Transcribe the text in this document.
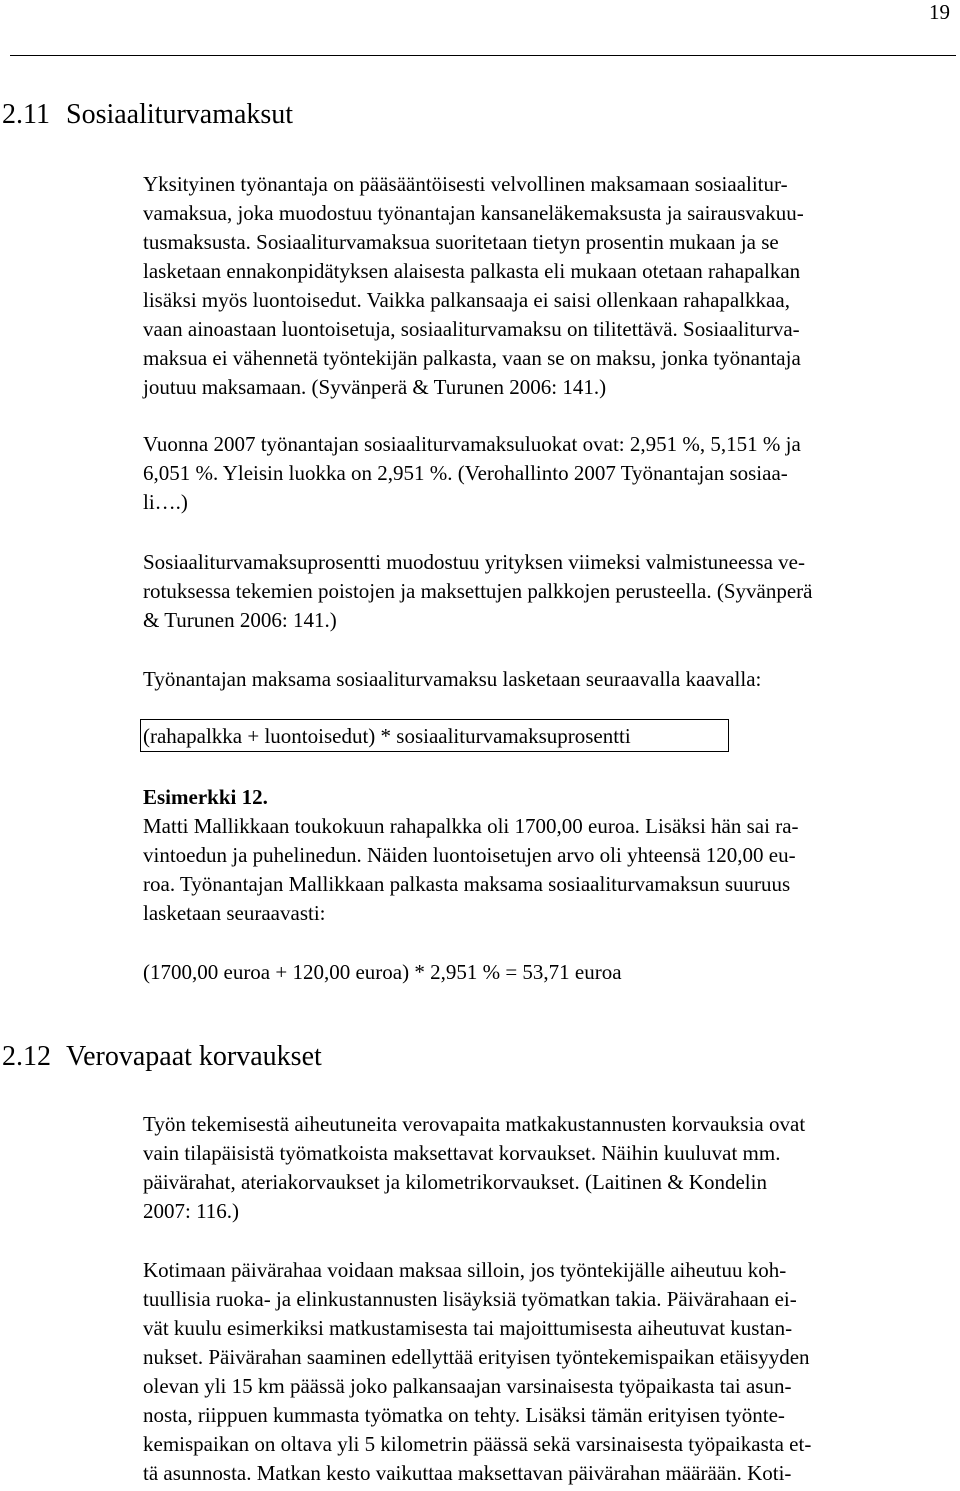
19
2.11 Sosiaaliturvamaksut
Yksityinen työnantaja on pääsääntöisesti velvollinen maksamaan sosiaalitur-
vamaksua, joka muodostuu työnantajan kansaneläkemaksusta ja sairausvakuu-
tusmaksusta. Sosiaaliturvamaksua suoritetaan tietyn prosentin mukaan ja se
lasketaan ennakonpidätyksen alaisesta palkasta eli mukaan otetaan rahapalkan
lisäksi myös luontoisedut. Vaikka palkansaaja ei saisi ollenkaan rahapalkkaa,
vaan ainoastaan luontoisetuja, sosiaaliturvamaksu on tilitettävä. Sosiaaliturva-
maksua ei vähennetä työntekijän palkasta, vaan se on maksu, jonka työnantaja
joutuu maksamaan. (Syvänperä & Turunen 2006: 141.)
Vuonna 2007 työnantajan sosiaaliturvamaksuluokat ovat: 2,951 %, 5,151 % ja
6,051 %. Yleisin luokka on 2,951 %. (Verohallinto 2007 Työnantajan sosiaa-
li….)
Sosiaaliturvamaksuprosentti muodostuu yrityksen viimeksi valmistuneessa ve-
rotuksessa tekemien poistojen ja maksettujen palkkojen perusteella. (Syvänperä
& Turunen 2006: 141.)
Työnantajan maksama sosiaaliturvamaksu lasketaan seuraavalla kaavalla:
(rahapalkka + luontoisedut) * sosiaaliturvamaksuprosentti
Esimerkki 12.
Matti Mallikkaan toukokuun rahapalkka oli 1700,00 euroa. Lisäksi hän sai ra-
vintoedun ja puhelinedun. Näiden luontoisetujen arvo oli yhteensä 120,00 eu-
roa. Työnantajan Mallikkaan palkasta maksama sosiaaliturvamaksun suuruus
lasketaan seuraavasti:
(1700,00 euroa + 120,00 euroa) * 2,951 % = 53,71 euroa
2.12 Verovapaat korvaukset
Työn tekemisestä aiheutuneita verovapaita matkakustannusten korvauksia ovat
vain tilapäisistä työmatkoista maksettavat korvaukset. Näihin kuuluvat mm.
päivärahat, ateriakorvaukset ja kilometrikorvaukset. (Laitinen & Kondelin
2007: 116.)
Kotimaan päivärahaa voidaan maksaa silloin, jos työntekijälle aiheutuu koh-
tuullisia ruoka- ja elinkustannusten lisäyksiä työmatkan takia. Päivärahaan ei-
vät kuulu esimerkiksi matkustamisesta tai majoittumisesta aiheutuvat kustan-
nukset. Päivärahan saaminen edellyttää erityisen työntekemispaikan etäisyyden
olevan yli 15 km päässä joko palkansaajan varsinaisesta työpaikasta tai asun-
nosta, riippuen kummasta työmatka on tehty. Lisäksi tämän erityisen työnte-
kemispaikan on oltava yli 5 kilometrin päässä sekä varsinaisesta työpaikasta et-
tä asunnosta. Matkan kesto vaikuttaa maksettavan päivärahan määrään. Koti-
